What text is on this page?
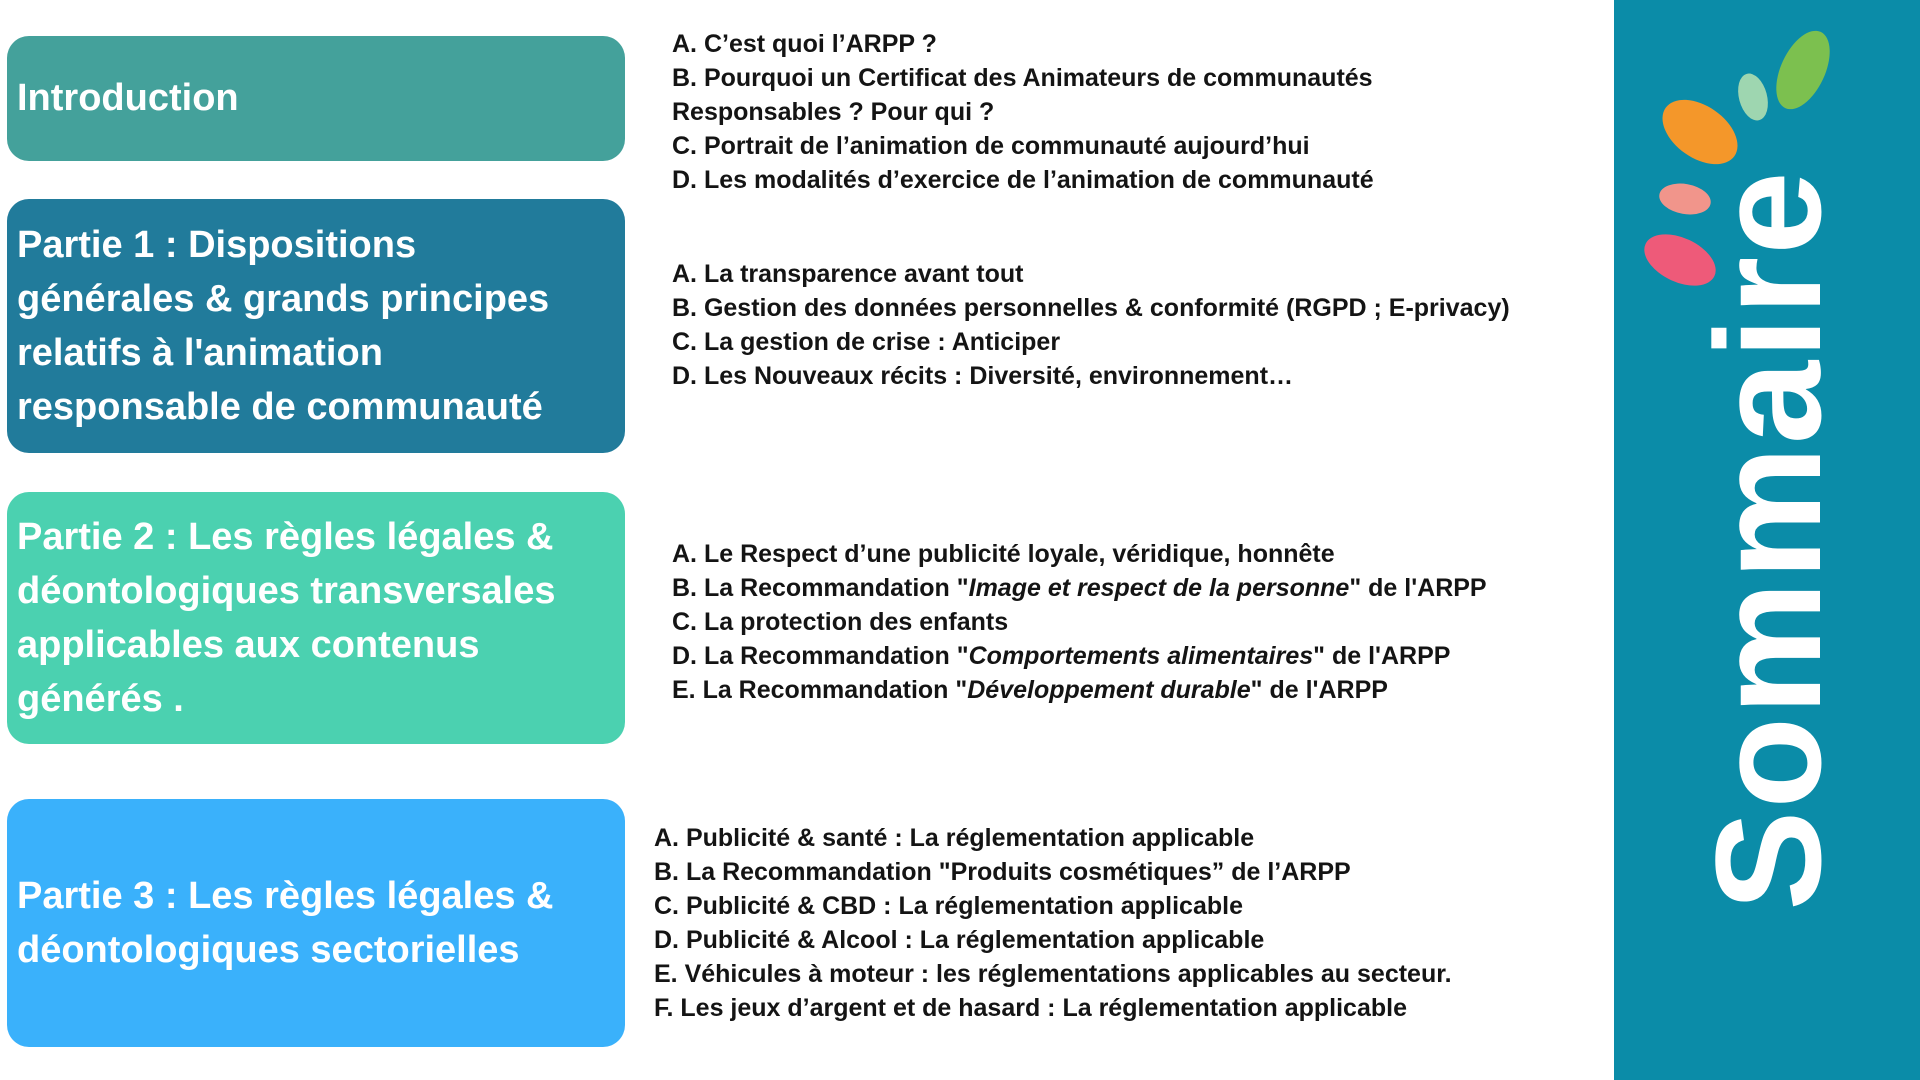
Introduction
Partie 1 : Dispositions
générales & grands principes
relatifs à l'animation
responsable de communauté
Partie 2 : Les règles légales &
déontologiques transversales
applicables aux contenus
générés .
Partie 3 : Les règles légales &
déontologiques sectorielles
A. C’est quoi l’ARPP ?
B. Pourquoi un Certificat des Animateurs de communautés
Responsables ? Pour qui ?
C. Portrait de l’animation de communauté aujourd’hui
D. Les modalités d’exercice de l’animation de communauté
A. La transparence avant tout
B. Gestion des données personnelles & conformité (RGPD ; E-privacy)
C. La gestion de crise : Anticiper
D. Les Nouveaux récits : Diversité, environnement…
A. Le Respect d’une publicité loyale, véridique, honnête
B. La Recommandation "Image et respect de la personne" de l'ARPP
C. La protection des enfants
D. La Recommandation "Comportements alimentaires" de l'ARPP
E. La Recommandation "Développement durable" de l'ARPP
A. Publicité & santé : La réglementation applicable
B. La Recommandation "Produits cosmétiques” de l’ARPP
C. Publicité & CBD : La réglementation applicable
D. Publicité & Alcool : La réglementation applicable
E. Véhicules à moteur : les réglementations applicables au secteur.
F. Les jeux d’argent et de hasard : La réglementation applicable
Sommaire
